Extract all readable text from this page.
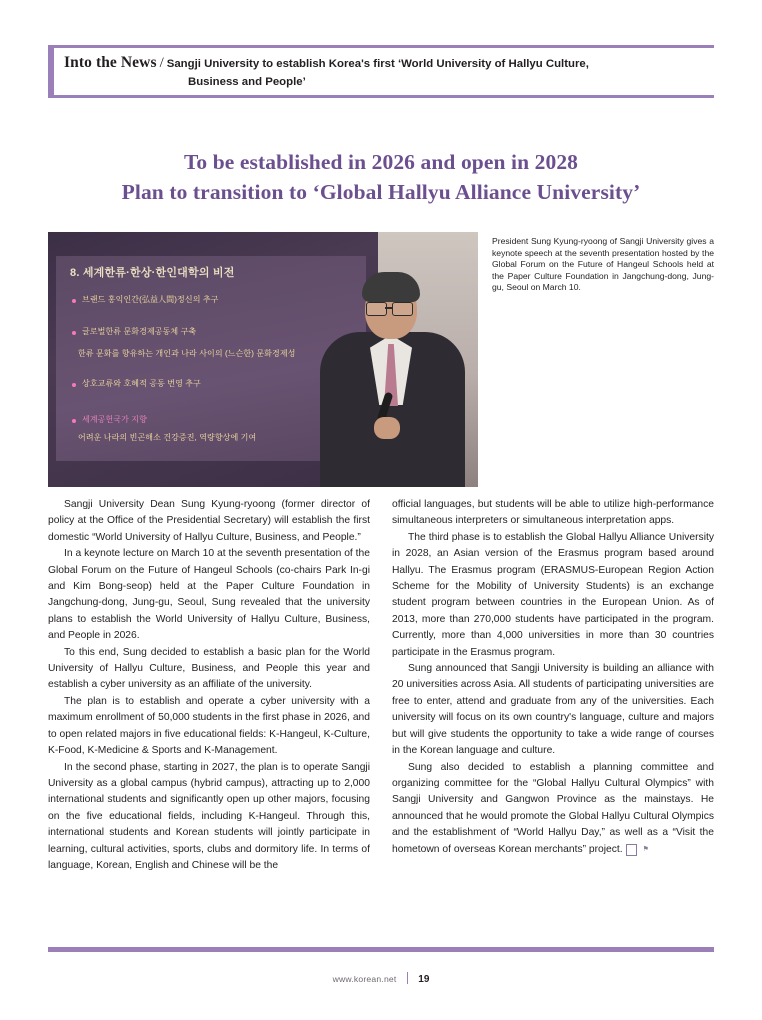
Into the News / Sangji University to establish Korea's first ‘World University of Hallyu Culture,
Business and People’
To be established in 2026 and open in 2028
Plan to transition to ‘Global Hallyu Alliance University’
8. 세계한류·한상·한인대학의 비전
브랜드 홍익인간(弘益人間)정신의 추구
글로벌한류 문화경제공동체 구축
한류 문화를 향유하는 개인과 나라 사이의 (느슨한) 문화경제성
상호교류와 호혜적 공동 번영 추구
세계공헌국가 지향
어려운 나라의 빈곤해소 건강증진, 역량향상에 기여
President Sung Kyung-ryoong of Sangji University gives a keynote speech at the seventh presentation hosted by the Global Forum on the Future of Hangeul Schools held at the Paper Culture Foundation in Jangchung-dong, Jung-gu, Seoul on March 10.

Sangji University Dean Sung Kyung-ryoong (former director of policy at the Office of the Presidential Secretary) will establish the first domestic “World University of Hallyu Culture, Business, and People.”

In a keynote lecture on March 10 at the seventh presentation of the Global Forum on the Future of Hangeul Schools (co-chairs Park In-gi and Kim Bong-seop) held at the Paper Culture Foundation in Jangchung-dong, Jung-gu, Seoul, Sung revealed that the university plans to establish the World University of Hallyu Culture, Business, and People in 2026.

To this end, Sung decided to establish a basic plan for the World University of Hallyu Culture, Business, and People this year and establish a cyber university as an affiliate of the university.

The plan is to establish and operate a cyber university with a maximum enrollment of 50,000 students in the first phase in 2026, and to open related majors in five educational fields: K-Hangeul, K-Culture, K-Food, K-Medicine & Sports and K-Management.

In the second phase, starting in 2027, the plan is to operate Sangji University as a global campus (hybrid campus), attracting up to 2,000 international students and significantly open up other majors, focusing on the five educational fields, including K-Hangeul. Through this, international students and Korean students will jointly participate in learning, cultural activities, sports, clubs and dormitory life. In terms of language, Korean, English and Chinese will be the

official languages, but students will be able to utilize high-performance simultaneous interpreters or simultaneous interpretation apps.

The third phase is to establish the Global Hallyu Alliance University in 2028, an Asian version of the Erasmus program based around Hallyu. The Erasmus program (ERASMUS-European Region Action Scheme for the Mobility of University Students) is an exchange student program between countries in the European Union. As of 2013, more than 270,000 students have participated in the program. Currently, more than 4,000 universities in more than 30 countries participate in the Erasmus program.

Sung announced that Sangji University is building an alliance with 20 universities across Asia. All students of participating universities are free to enter, attend and graduate from any of the universities. Each university will focus on its own country's language, culture and majors but will give students the opportunity to take a wide range of courses in the Korean language and culture.

Sung also decided to establish a planning committee and organizing committee for the “Global Hallyu Cultural Olympics” with Sangji University and Gangwon Province as the mainstays. He announced that he would promote the Global Hallyu Cultural Olympics and the establishment of “World Hallyu Day,” as well as a “Visit the hometown of overseas Korean merchants” project.	⚑

www.korean.net 19
